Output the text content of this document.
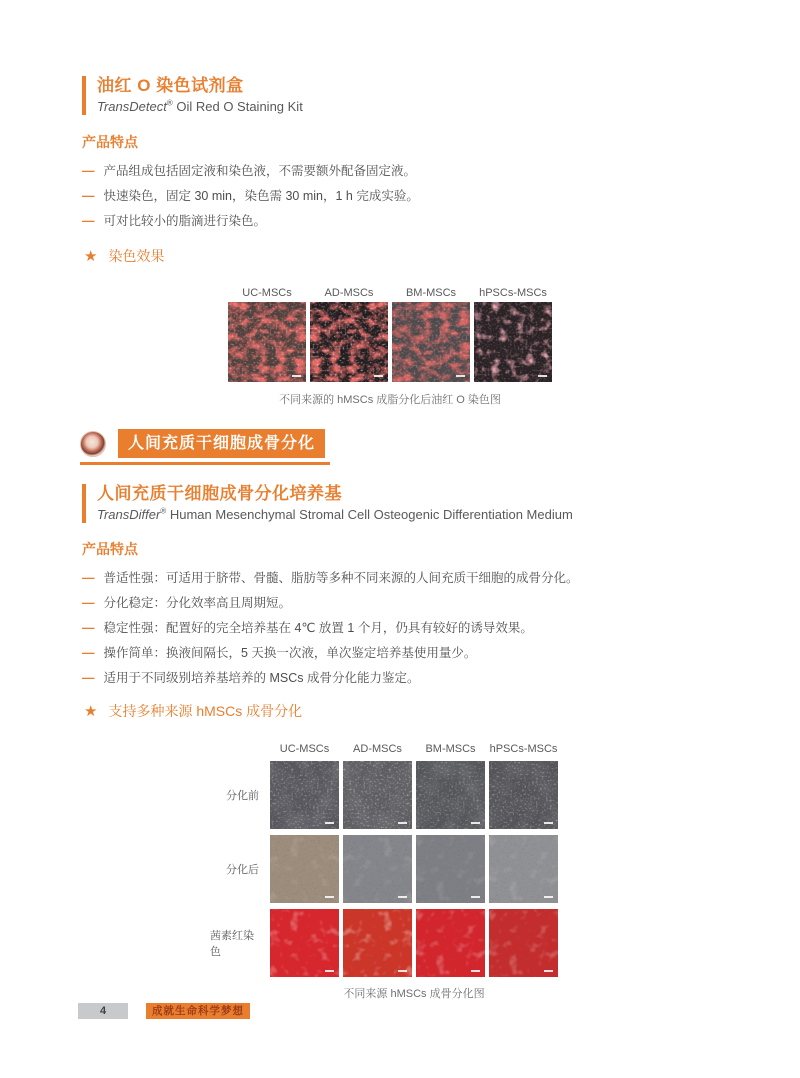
油红 O 染色试剂盒
TransDetect® Oil Red O Staining Kit
产品特点
— 产品组成包括固定液和染色液，不需要额外配备固定液。
— 快速染色，固定 30 min，染色需 30 min，1 h 完成实验。
— 可对比较小的脂滴进行染色。
★ 染色效果
UC-MSCs	AD-MSCs	BM-MSCs	hPSCs-MSCs
不同来源的 hMSCs 成脂分化后油红 O 染色图
人间充质干细胞成骨分化
人间充质干细胞成骨分化培养基
TransDiffer® Human Mesenchymal Stromal Cell Osteogenic Differentiation Medium
产品特点
— 普适性强：可适用于脐带、骨髓、脂肪等多种不同来源的人间充质干细胞的成骨分化。
— 分化稳定：分化效率高且周期短。
— 稳定性强：配置好的完全培养基在 4℃ 放置 1 个月，仍具有较好的诱导效果。
— 操作简单：换液间隔长，5 天换一次液，单次鉴定培养基使用量少。
— 适用于不同级别培养基培养的 MSCs 成骨分化能力鉴定。
★ 支持多种来源 hMSCs 成骨分化
UC-MSCs	AD-MSCs	BM-MSCs	hPSCs-MSCs
分化前
分化后
茜素红染色
不同来源 hMSCs 成骨分化图
4	成就生命科学梦想
